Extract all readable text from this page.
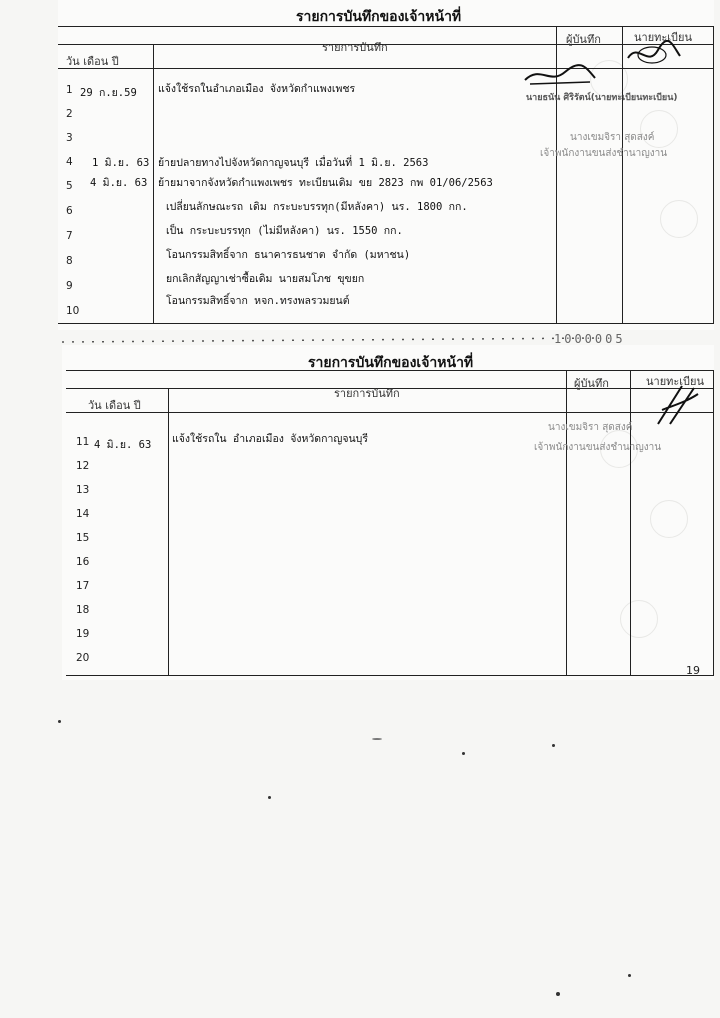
รายการบันทึกของเจ้าหน้าที่
วัน เดือน ปี
รายการบันทึก
ผู้บันทึก	นายทะเบียน
1
2
3
4
5
6
7
8
9
10
29 ก.ย.59
1 มิ.ย. 63
4 มิ.ย. 63
แจ้งใช้รถในอำเภอเมือง จังหวัดกำแพงเพชร
ย้ายปลายทางไปจังหวัดกาญจนบุรี เมื่อวันที่ 1 มิ.ย. 2563
ย้ายมาจากจังหวัดกำแพงเพชร ทะเบียนเดิม ขย 2823 กพ 01/06/2563
เปลี่ยนลักษณะรถ เดิม กระบะบรรทุก(มีหลังคา) นร. 1800 กก.
เป็น กระบะบรรทุก (ไม่มีหลังคา) นร. 1550 กก.
โอนกรรมสิทธิ์จาก ธนาคารธนชาต จำกัด (มหาชน)
ยกเลิกสัญญาเช่าซื้อเดิม นายสมโภช ขุขยก
โอนกรรมสิทธิ์จาก หจก.ทรงพลรวมยนต์
นายธนัน ศิริรัตน์(นายทะเบียนทะเบียน)
นางเขมจิรา สุดสงค์
เจ้าพนักงานขนส่งชำนาญงาน
1000005
รายการบันทึกของเจ้าหน้าที่
วัน เดือน ปี
รายการบันทึก
ผู้บันทึก	นายทะเบียน
11
12
13
14
15
16
17
18
19
20
4 มิ.ย. 63 แจ้งใช้รถใน อำเภอเมือง จังหวัดกาญจนบุรี
นางเขมจิรา สุดสงค์
เจ้าพนักงานขนส่งชำนาญงาน
19
